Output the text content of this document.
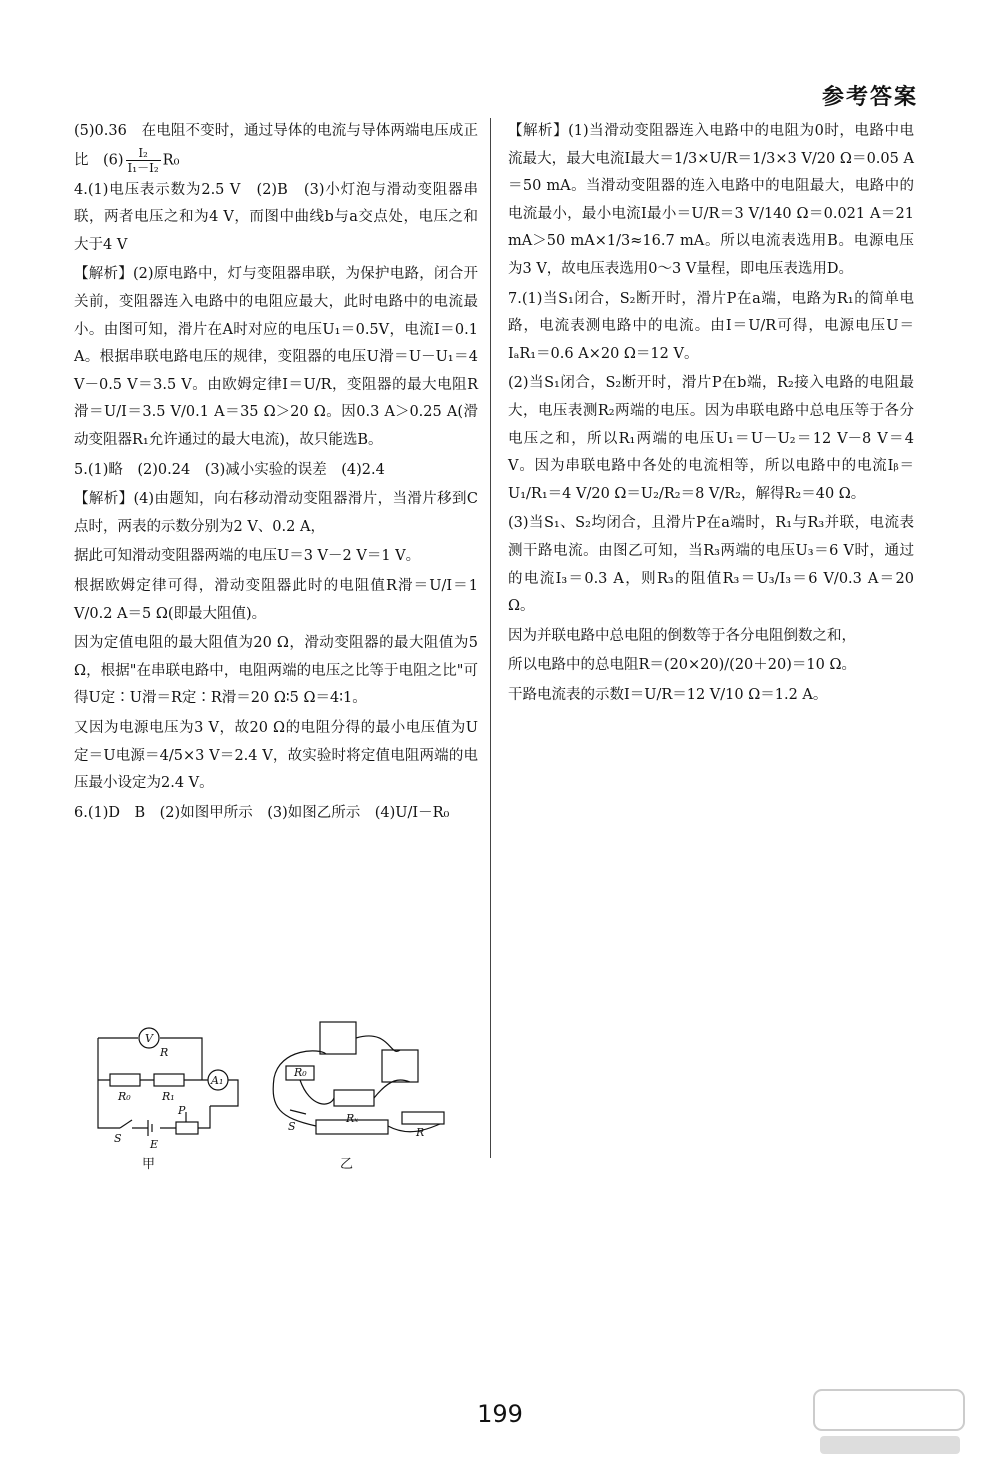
参考答案

(5)0.36　在电阻不变时，通过导体的电流与导体两端电压成正比　$(6) \frac{\text{I₂}}{\text{I₁－I₂}} R_0$

4.(1)电压表示数为2.5 V　(2)B　(3)小灯泡与滑动变阻器串联，两者电压之和为4 V，而图中曲线b与a交点处，电压之和大于4 V

【解析】(2)原电路中，灯与变阻器串联，为保护电路，闭合开关前，变阻器连入电路中的电阻应最大，此时电路中的电流最小。由图可知，滑片在A时对应的电压U₁＝0.5V，电流I＝0.1 A。根据串联电路电压的规律，变阻器的电压U滑＝U－U₁＝4 V－0.5 V＝3.5 V。由欧姆定律I＝U/R，变阻器的最大电阻R滑＝U/I＝3.5 V/0.1 A＝35 Ω＞20 Ω。因0.3 A＞0.25 A(滑动变阻器R₁允许通过的最大电流)，故只能选B。

5.(1)略　(2)0.24　(3)减小实验的误差　(4)2.4

【解析】(4)由题知，向右移动滑动变阻器滑片，当滑片移到C点时，两表的示数分别为2 V、0.2 A，

据此可知滑动变阻器两端的电压U＝3 V－2 V＝1 V。

根据欧姆定律可得，滑动变阻器此时的电阻值R滑＝U/I＝1 V/0.2 A＝5 Ω(即最大阻值)。

因为定值电阻的最大阻值为20 Ω，滑动变阻器的最大阻值为5 Ω，根据"在串联电路中，电阻两端的电压之比等于电阻之比"可得U定∶U滑＝R定∶R滑＝20 Ω∶5 Ω＝4∶1。

又因为电源电压为3 V，故20 Ω的电阻分得的最小电压值为U定＝U电源＝4/5×3 V＝2.4 V，故实验时将定值电阻两端的电压最小设定为2.4 V。

6.(1)D　B　(2)如图甲所示　(3)如图乙所示　(4)U/I－R₀

【解析】(1)当滑动变阻器连入电路中的电阻为0时，电路中电流最大，最大电流I最大＝1/3×U/R＝1/3×3 V/20 Ω＝0.05 A＝50 mA。当滑动变阻器的连入电路中的电阻最大，电路中的电流最小，最小电流I最小＝U/R＝3 V/140 Ω＝0.021 A＝21 mA＞50 mA×1/3≈16.7 mA。所以电流表选用B。电源电压为3 V，故电压表选用0～3 V量程，即电压表选用D。

7.(1)当S₁闭合，S₂断开时，滑片P在a端，电路为R₁的简单电路，电流表测电路中的电流。由I＝U/R可得，电源电压U＝IₐR₁＝0.6 A×20 Ω＝12 V。

(2)当S₁闭合，S₂断开时，滑片P在b端，R₂接入电路的电阻最大，电压表测R₂两端的电压。因为串联电路中总电压等于各分电压之和，所以R₁两端的电压U₁＝U－U₂＝12 V－8 V＝4 V。因为串联电路中各处的电流相等，所以电路中的电流Iᵦ＝U₁/R₁＝4 V/20 Ω＝U₂/R₂＝8 V/R₂，解得R₂＝40 Ω。

(3)当S₁、S₂均闭合，且滑片P在a端时，R₁与R₃并联，电流表测干路电流。由图乙可知，当R₃两端的电压U₃＝6 V时，通过的电流I₃＝0.3 A，则R₃的阻值R₃＝U₃/I₃＝6 V/0.3 A＝20 Ω。

因为并联电路中总电阻的倒数等于各分电阻倒数之和，

所以电路中的总电阻R＝(20×20)/(20＋20)＝10 Ω。

干路电流表的示数I＝U/R＝12 V/10 Ω＝1.2 A。

V
R
A₁
R₀	R₁
S	E
P
甲
R₀
Rₓ
S	R
乙
199
